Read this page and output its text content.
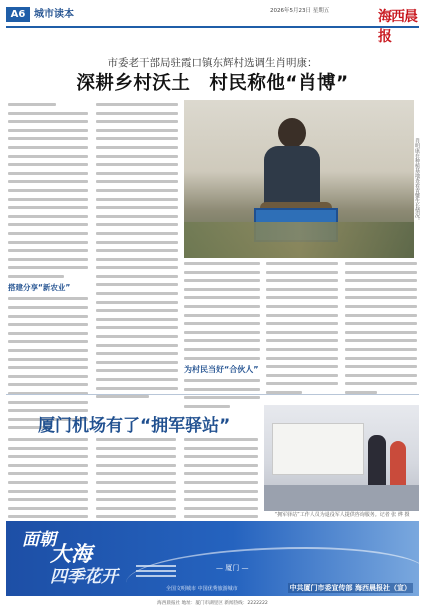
A6 城市读本	2026年5月23日 星期五	海西晨报
市委老干部局驻霞口镇东辉村选调生肖明康：
深耕乡村沃土　村民称他“肖博”
搭建分享“新农业”
肖明康在种植基地查看青蟹生长情况。
为村民当好“合伙人”
厦门机场有了“拥军驿站”
“拥军驿站”工作人员为退役军人提供咨询服务。记者 张 烨 摄
面朝
大海
四季花开	— 厦门 —
全国文明城市 中国优秀旅游城市	中共厦门市委宣传部 海西晨报社（宣）
海西晨报社 地址：厦门市湖里区 新闻热线：2222222
